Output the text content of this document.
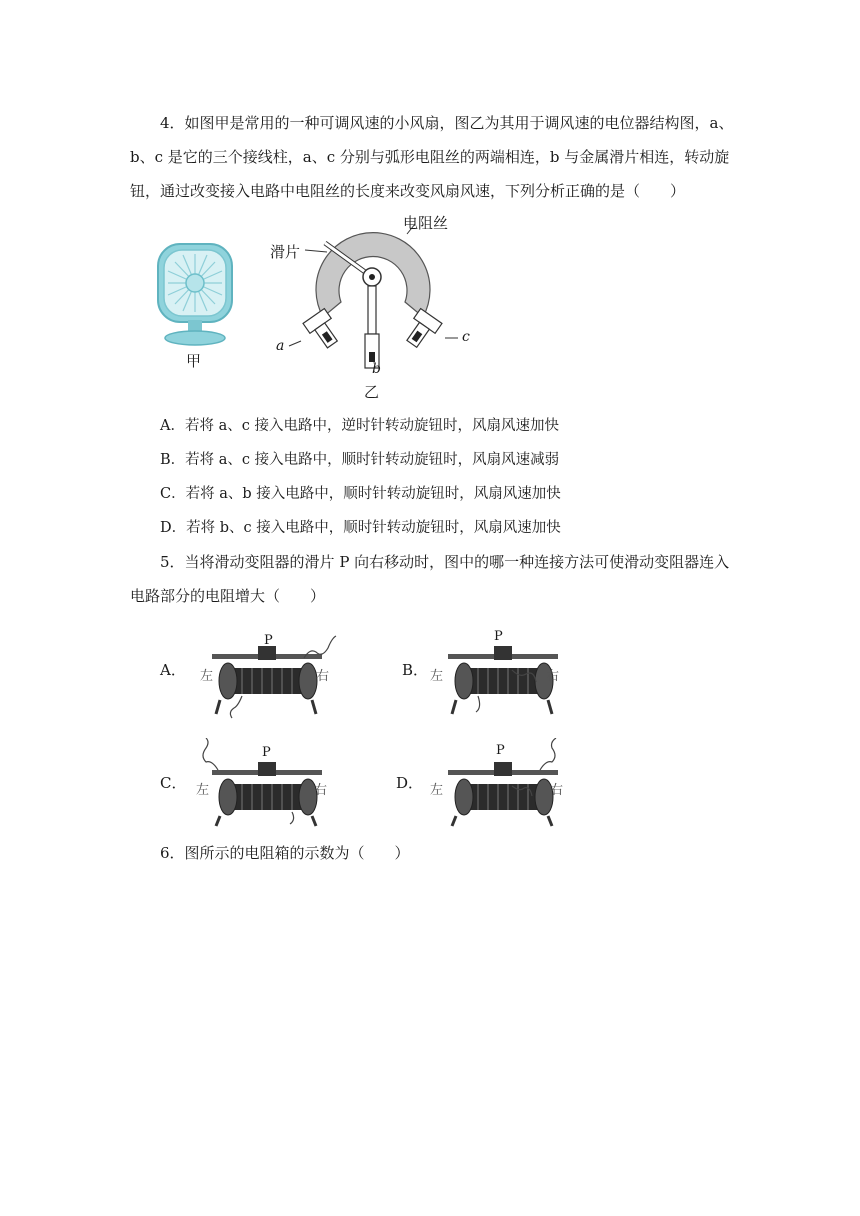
4．如图甲是常用的一种可调风速的小风扇，图乙为其用于调风速的电位器结构图，a、
b、c 是它的三个接线柱，a、c 分别与弧形电阻丝的两端相连，b 与金属滑片相连，转动旋
钮，通过改变接入电路中电阻丝的长度来改变风扇风速，下列分析正确的是（　　）
甲
电阻丝
滑片
a
b
c
乙
A．若将 a、c 接入电路中，逆时针转动旋钮时，风扇风速加快
B．若将 a、c 接入电路中，顺时针转动旋钮时，风扇风速减弱
C．若将 a、b 接入电路中，顺时针转动旋钮时，风扇风速加快
D．若将 b、c 接入电路中，顺时针转动旋钮时，风扇风速加快
5．当将滑动变阻器的滑片 P 向右移动时，图中的哪一种连接方法可使滑动变阻器连入
电路部分的电阻增大（　　）
A．	B．
C．	D．
左	右
P
左	右
P
左	右
P
左	右
P
6．图所示的电阻箱的示数为（　　）
